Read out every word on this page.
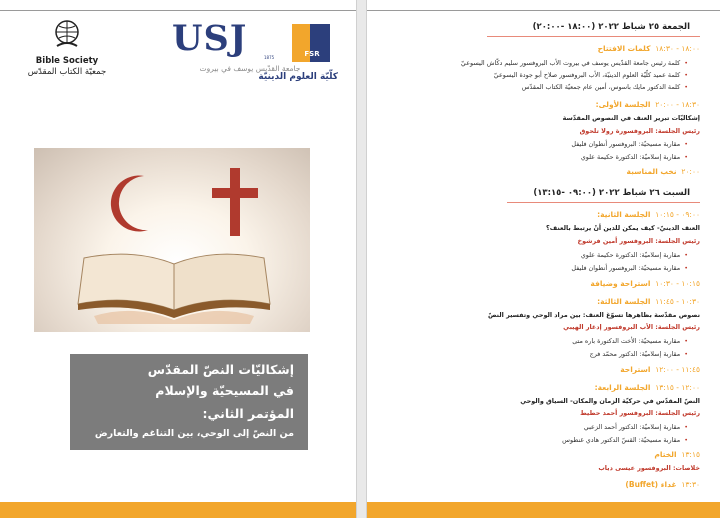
Bible Society
جمعيّة الكتاب المقدّس
USJ	1875	FSR
جامعة القدّيس يوسف في بيروت
كلّيّة العلوم الدينيّة
إشكاليّات النصّ المقدّس
في المسيحيّة والإسلام
المؤتمر الثاني:
من النصّ إلى الوحي، بين التناغم والتعارض
الجمعة ٢٥ شباط ٢٠٢٢ (١٨:٠٠ -٢٠:٠٠)
١٨:٠٠ - ١٨:٣٠  كلمات الافتتاح
• كلمة رئيس جامعة القدّيس يوسف في بيروت الأب البروفسور سليم دكّاش اليسوعيّ
• كلمة عميد كلّيّة العلوم الدينيّة، الأب البروفسور صلاح أبو جودة اليسوعيّ
• كلمة الدكتور مايك باسوس، أمين عام جمعيّة الكتاب المقدّس
١٨:٣٠ - ٢٠:٠٠  الجلسة الأولى:
إشكاليّات تبرير العنف في النصوص المقدّسة
رئيس الجلسة: البروفسورة رولا تلحوق
• مقاربة مسيحيّة: البروفسور أنطوان فليفل
• مقاربة إسلاميّة: الدكتورة حكيمة علوي
٢٠:٠٠  نخب المناسبة
السبت ٢٦ شباط ٢٠٢٢ (٠٩:٠٠ -١٣:١٥)
٠٩:٠٠ - ١٠:١٥  الجلسة الثانية:
العنف الدينيّ- كيف يمكن للدين أنْ يرتبط بالعنف؟
رئيس الجلسة: البروفسور أمين فرشوخ
• مقاربة إسلاميّة: الدكتورة حكيمة علوي
• مقاربة مسيحيّة: البروفسور أنطوان فليفل
١٠:١٥ - ١٠:٣٠  استراحة وضيافة
١٠:٣٠ - ١١:٤٥  الجلسة الثالثة:
نصوص مقدّسة بظاهرها تسوّغ العنف: بين مراد الوحي وتفسير النصّ
رئيس الجلسة: الأب البروفسور إدغار الهيبي
• مقاربة مسيحيّة: الأخت الدكتورة باره متى
• مقاربة إسلاميّة: الدكتور محمّد فرج
١١:٤٥ - ١٢:٠٠  استراحة
١٢:٠٠ - ١٣:١٥  الجلسة الرابعة:
النصّ المقدّس في حركيّة الزمان والمكان- السياق والوحي
رئيس الجلسة: البروفسور أحمد حطيط
• مقاربة إسلاميّة: الدكتور أحمد الزعبي
• مقاربة مسيحيّة: القسّ الدكتور هادي غنطوس
١٣:١٥  الختام
خلاصات: البروفسور عيسى دياب
١٣:٣٠  غداء (Buffet)
